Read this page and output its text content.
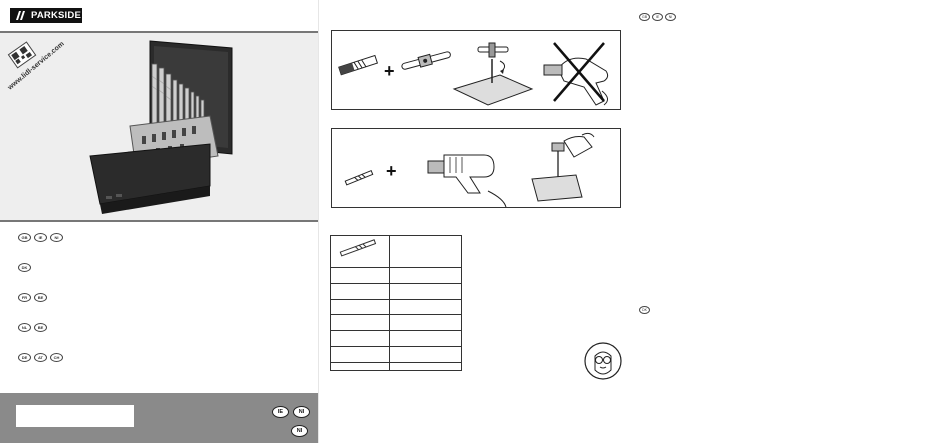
PARKSIDE
www.lidl-service.com
GB	IE	NI
DK
FR	BE
NL	BE
DE	AT	CH
IE	NI
NI
+
+

GB	IE	NI
DK
